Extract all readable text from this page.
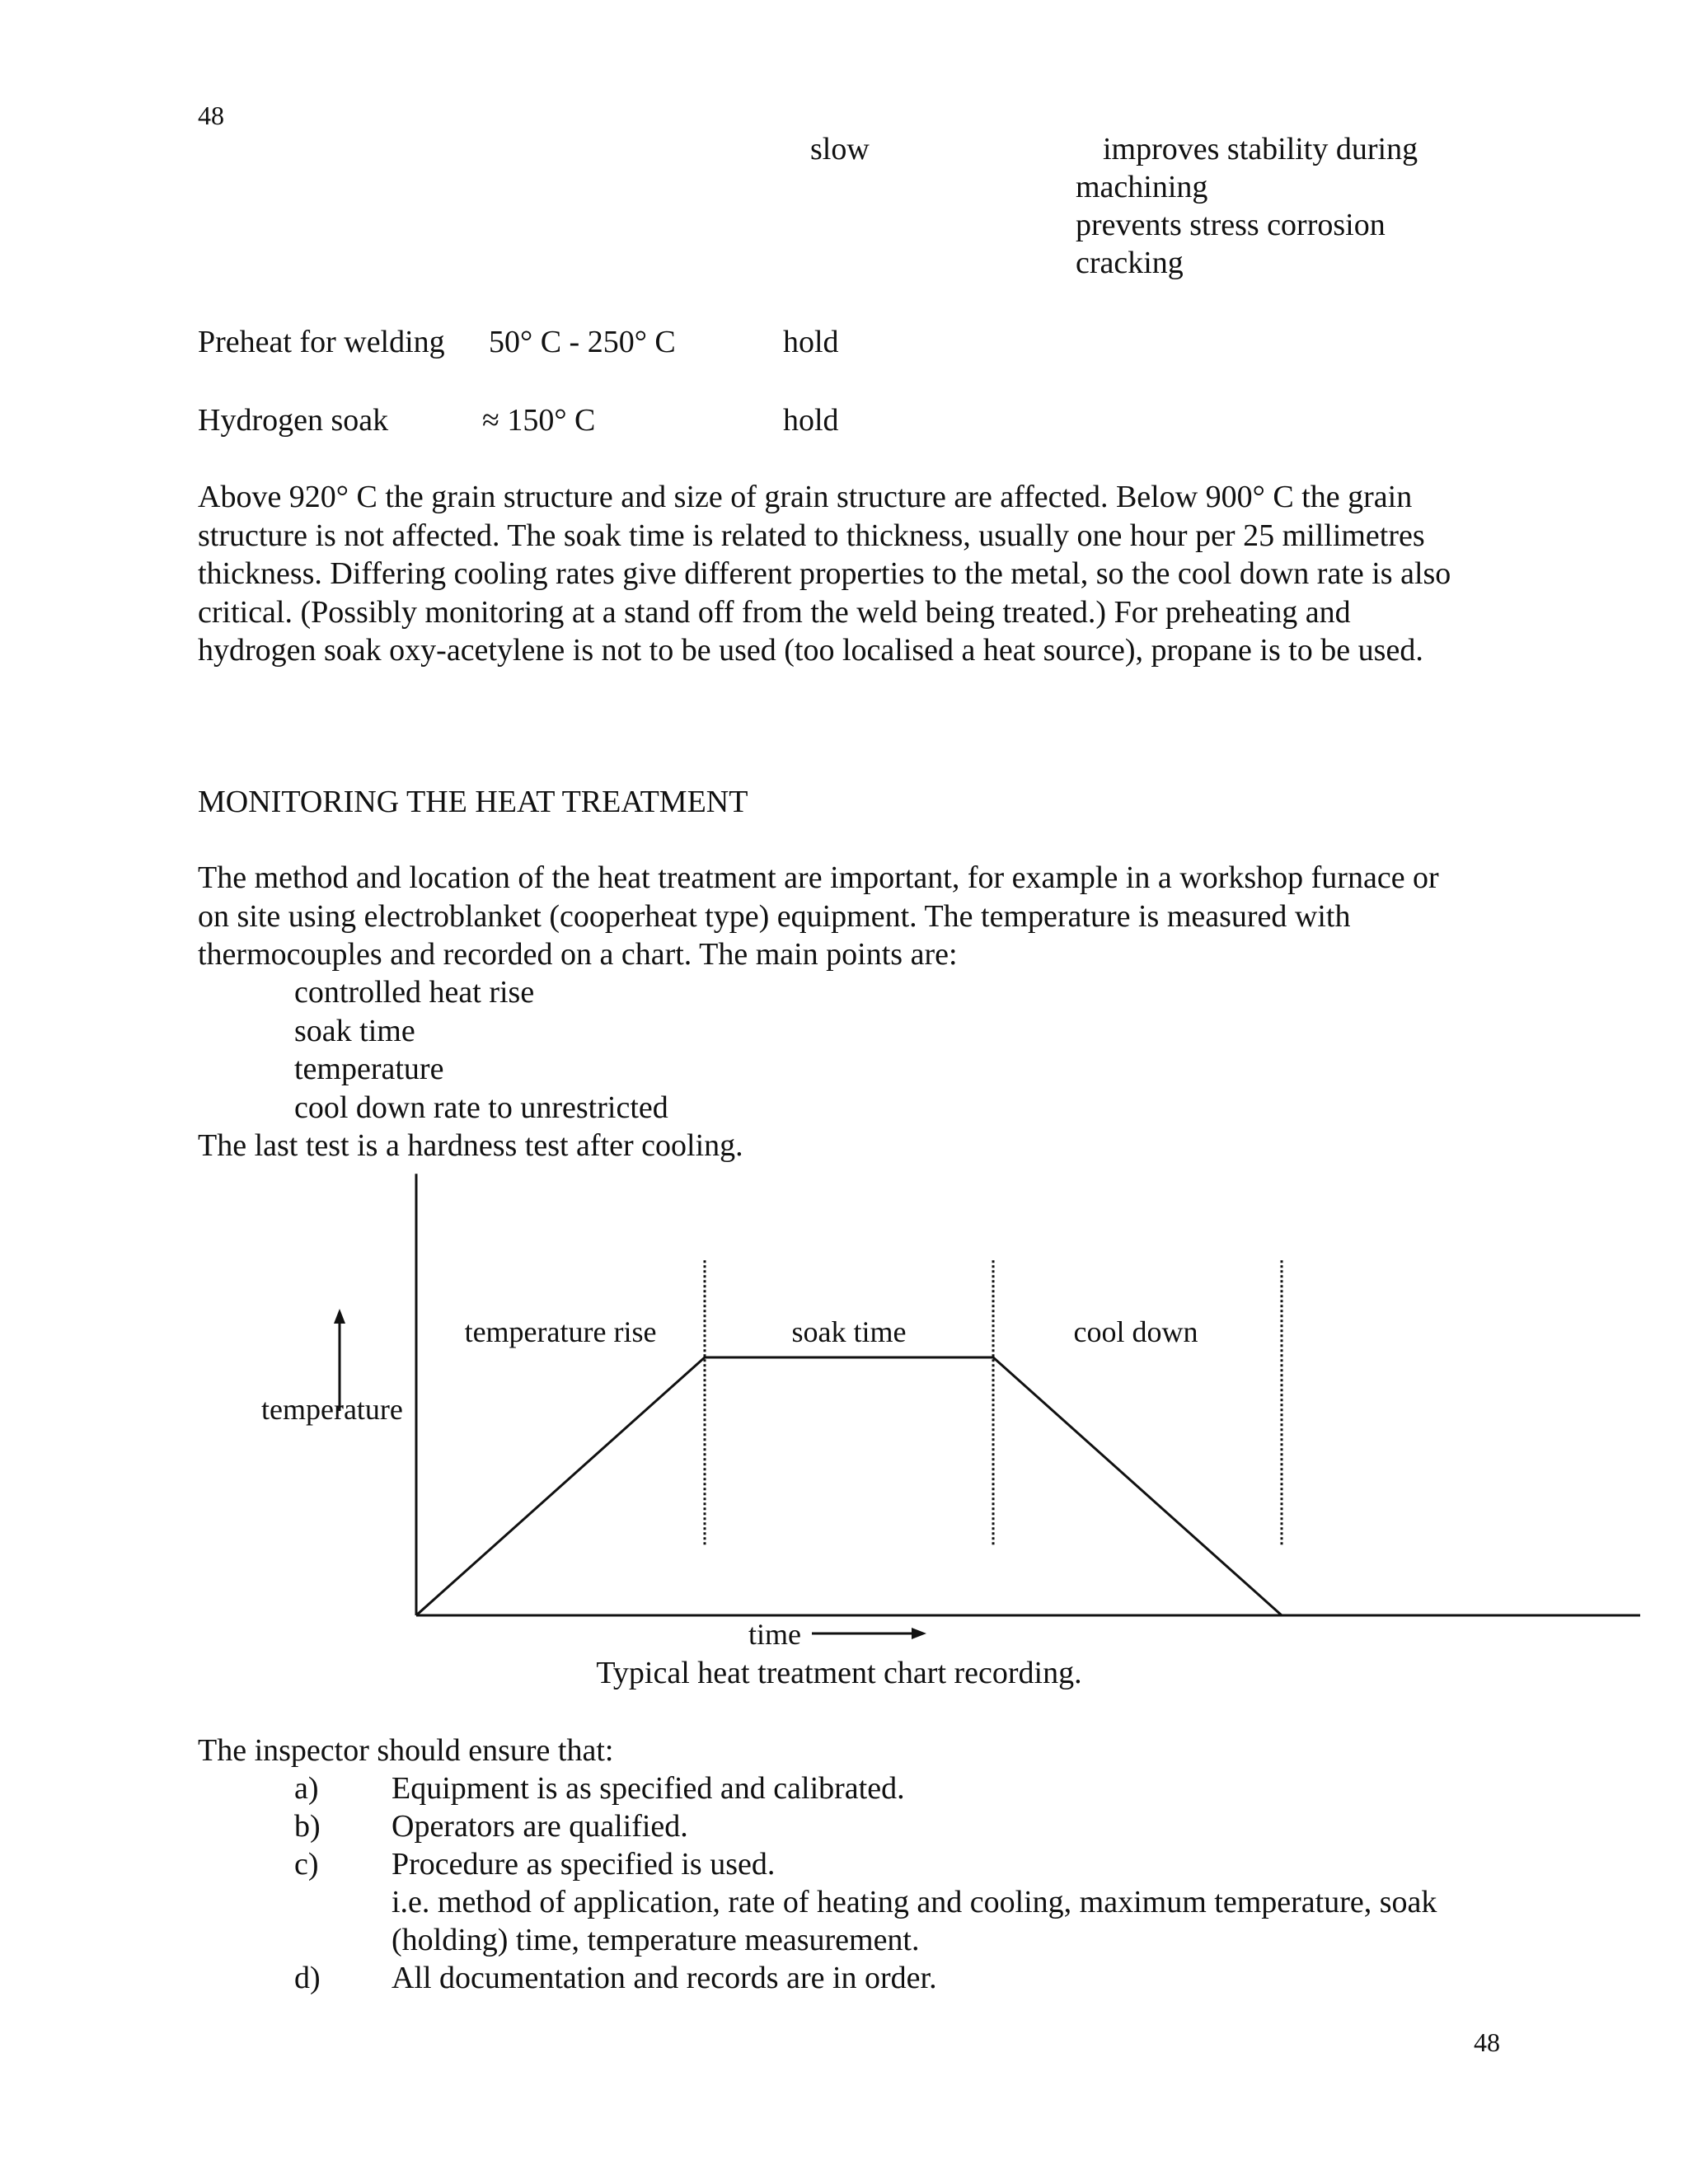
48
slow	improves stability during
machining
prevents stress corrosion
cracking
Preheat for welding 50° C - 250° C	hold
Hydrogen soak	≈ 150° C	hold
Above 920° C the grain structure and size of grain structure are affected. Below 900° C the grain
structure is not affected. The soak time is related to thickness, usually one hour per 25 millimetres
thickness. Differing cooling rates give different properties to the metal, so the cool down rate is also
critical. (Possibly monitoring at a stand off from the weld being treated.) For preheating and
hydrogen soak oxy-acetylene is not to be used (too localised a heat source), propane is to be used.
MONITORING THE HEAT TREATMENT
The method and location of the heat treatment are important, for example in a workshop furnace or
on site using electroblanket (cooperheat type) equipment. The temperature is measured with
thermocouples and recorded on a chart. The main points are:
controlled heat rise
soak time
temperature
cool down rate to unrestricted
The last test is a hardness test after cooling.
temperature rise	soak time	cool down
temperature
time
Typical heat treatment chart recording.
The inspector should ensure that:
a) Equipment is as specified and calibrated.
b) Operators are qualified.
c) Procedure as specified is used.
i.e. method of application, rate of heating and cooling, maximum temperature, soak
(holding) time, temperature measurement.
d) All documentation and records are in order.
48
